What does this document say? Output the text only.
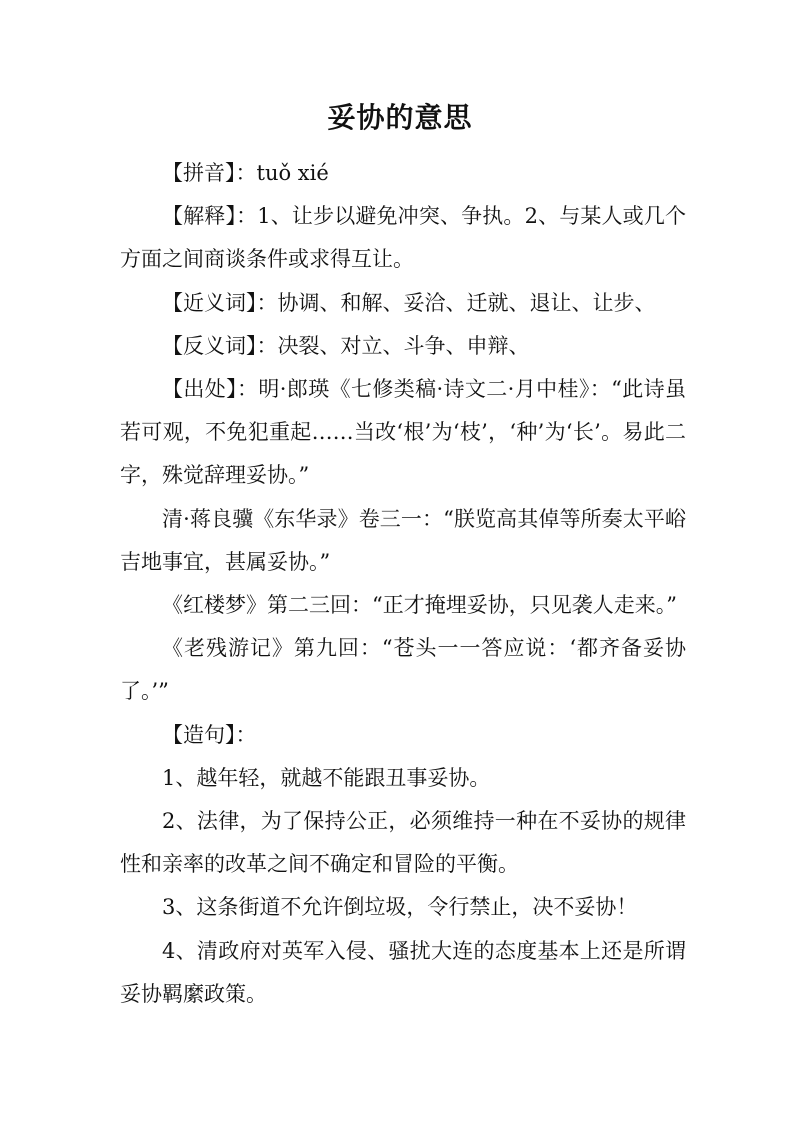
妥协的意思

【拼音】：tuǒ xié

【解释】：1、让步以避免冲突、争执。2、与某人或几个方面之间商谈条件或求得互让。

【近义词】：协调、和解、妥洽、迁就、退让、让步、

【反义词】：决裂、对立、斗争、申辩、

【出处】：明·郎瑛《七修类稿·诗文二·月中桂》：“此诗虽若可观，不免犯重起……当改‘根’为‘枝’，‘种’为‘长’。易此二字，殊觉辞理妥协。”

清·蒋良骥《东华录》卷三一：“朕览高其倬等所奏太平峪吉地事宜，甚属妥协。”

《红楼梦》第二三回：“正才掩埋妥协，只见袭人走来。”

《老残游记》第九回：“苍头一一答应说：‘都齐备妥协了。’”

【造句】：

1、越年轻，就越不能跟丑事妥协。

2、法律，为了保持公正，必须维持一种在不妥协的规律性和亲率的改革之间不确定和冒险的平衡。

3、这条街道不允许倒垃圾，令行禁止，决不妥协！

4、清政府对英军入侵、骚扰大连的态度基本上还是所谓妥协羁縻政策。
